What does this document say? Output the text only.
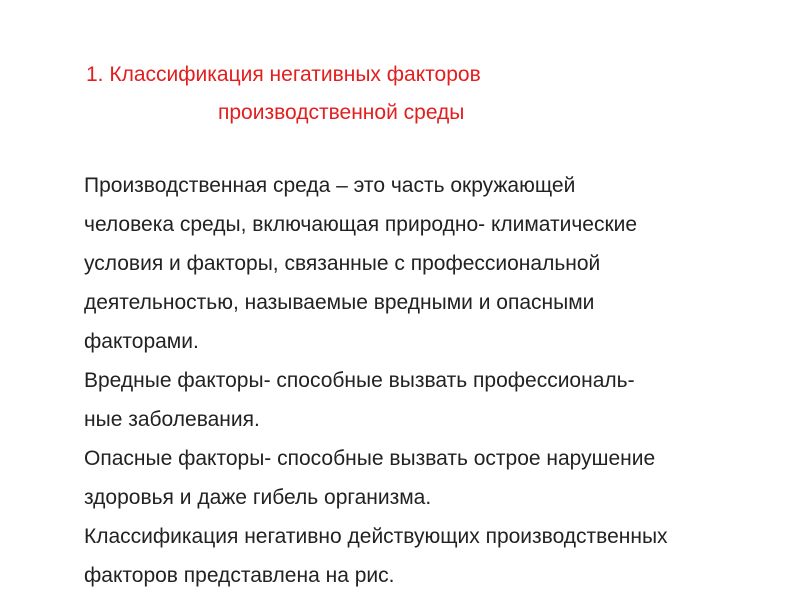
1. Классификация негативных факторов
производственной среды
Производственная среда – это часть окружающей
человека среды, включающая природно- климатические
условия и факторы, связанные с профессиональной
деятельностью, называемые вредными и опасными
факторами.
Вредные факторы- способные вызвать профессиональ-
ные заболевания.
Опасные факторы- способные вызвать острое нарушение
здоровья и даже гибель организма.
Классификация негативно действующих производственных
факторов представлена на рис.
